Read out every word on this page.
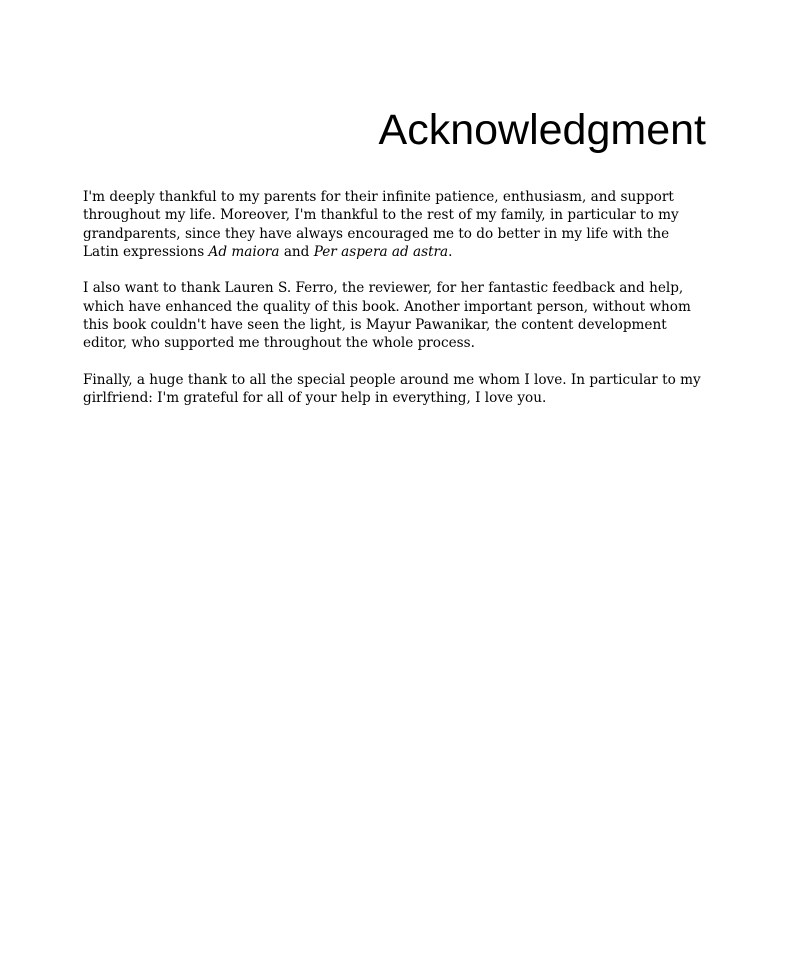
Acknowledgment

I'm deeply thankful to my parents for their infinite patience, enthusiasm, and support throughout my life. Moreover, I'm thankful to the rest of my family, in particular to my grandparents, since they have always encouraged me to do better in my life with the Latin expressions Ad maiora and Per aspera ad astra.

I also want to thank Lauren S. Ferro, the reviewer, for her fantastic feedback and help, which have enhanced the quality of this book. Another important person, without whom this book couldn't have seen the light, is Mayur Pawanikar, the content development editor, who supported me throughout the whole process.

Finally, a huge thank to all the special people around me whom I love. In particular to my girlfriend: I'm grateful for all of your help in everything, I love you.
